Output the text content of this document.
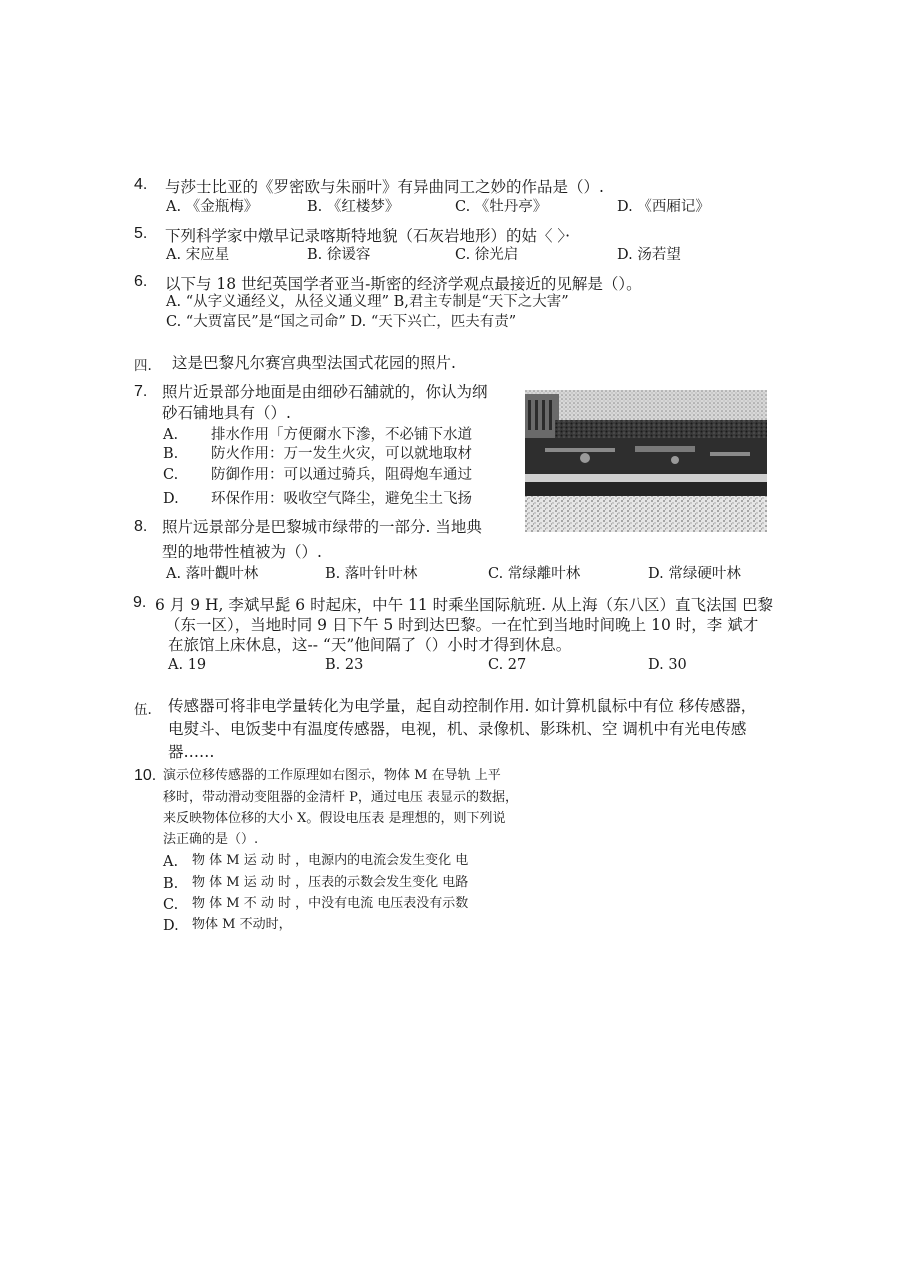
4. 与莎士比亚的《罗密欧与朱丽叶》有异曲同工之妙的作品是（）.
A. 《金瓶梅》	B. 《红楼梦》	C. 《牡丹亭》	D. 《西厢记》
5. 下列科学家中燉早记录喀斯特地貌（石灰岩地形）的姑〈 〉·
A. 宋应星	B. 徐谖容	C. 徐光启	D. 汤若望
6. 以下与 18 世纪英国学者亚当-斯密的经济学观点最接近的见解是（）。
A. “从字义通经义，从径义通义理” B,君主专制是“天下之大害”
C. “大贾富民”是“国之司命” D. “天下兴亡，匹夫有责”
四. 这是巴黎凡尔赛宫典型法国式花园的照片.
7. 照片近景部分地面是由细砂石舖就的，你认为纲
砂石铺地具有（）.
A. 排水作用「方便爾水下滲，不必铺下水道
B. 防火作用：万一发生火灾，可以就地取材
C. 防御作用：可以通过骑兵，阻碍炮车通过
D. 环保作用：吸收空气降尘，避免尘土飞扬
8. 照片远景部分是巴黎城市绿带的一部分. 当地典
型的地带性植被为（）.
A. 落叶觀叶林	B. 落叶针叶林	C. 常绿離叶林	D. 常绿硬叶林
9. 6 月 9 H, 李斌早髭 6 时起床，中午 11 时乘坐国际航班. 从上海（东八区）直飞法国 巴黎
（东一区），当地时同 9 日下午 5 时到达巴黎。一在忙到当地时间晚上 10 时，李 斌才
在旅馆上床休息，这-- “天”他间隔了（）小时才得到休息。
A. 19	B. 23	C. 27	D. 30
伍. 传感器可将非电学量转化为电学量，起自动控制作用. 如计算机鼠标中有位 移传感器，
电熨斗、电饭斐中有温度传感器，电视，机、录像机、影珠机、空 调机中有光电传感
器……
10. 演示位移传感器的工作原理如右图示，物体 M 在导轨 上平
移时，带动滑动变阻器的金清杆 P，通过电压 表显示的数据，
来反映物体位移的大小 X。假设电压表 是理想的，则下列说
法正确的是（）.
A. 物 体 M 运 动 时 ，电源内的电流会发生变化 电
B. 物 体 M 运 动 时 ，压表的示数会发生变化 电路
C. 物 体 M 不 动 时 ，中没有电流 电压表没有示数
D. 物体 M 不动时，
